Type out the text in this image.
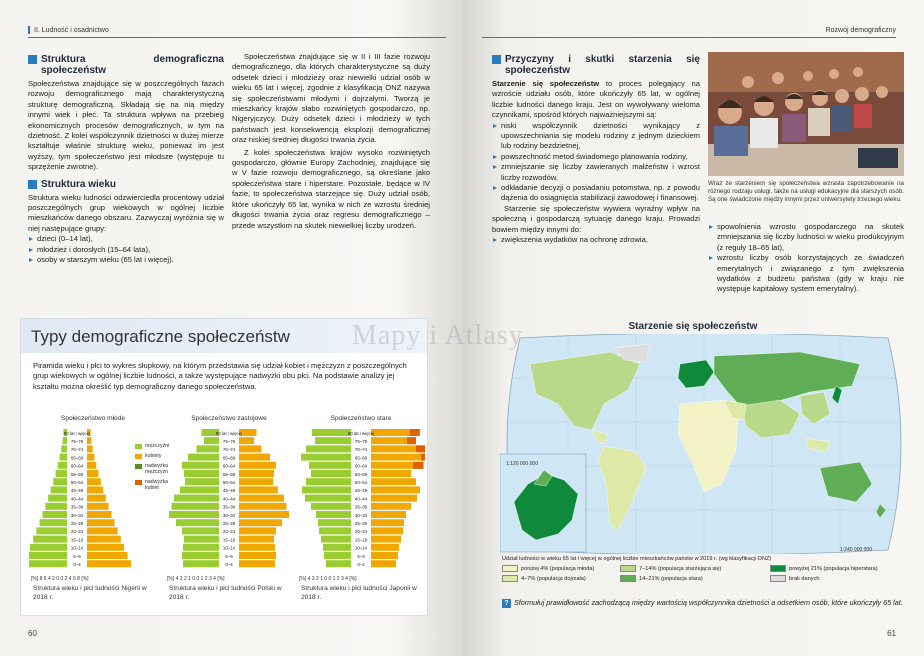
II. Ludność i osadnictwo
Struktura demograficzna społeczeństw

Społeczeństwa znajdujące się w poszczególnych fazach rozwoju demograficznego mają charakterystyczną strukturę demograficzną. Składają się na nią między innymi wiek i płeć. Ta struktura wpływa na przebieg ekonomicznych procesów demograficznych, w tym na dzietność. Z kolei współczynnik dzietności w dużej mierze kształtuje właśnie strukturę wieku, ponieważ im jest wyższy, tym społeczeństwo jest młodsze (występuje tu sprzężenie zwrotne).

Struktura wieku

Struktura wieku ludności odzwierciedla procentowy udział poszczególnych grup wiekowych w ogólnej liczbie mieszkańców danego obszaru. Zazwyczaj wyróżnia się w niej następujące grupy:

dzieci (0–14 lat),
młodzież i dorosłych (15–64 lata),
osoby w starszym wieku (65 lat i więcej).

Społeczeństwa znajdujące się w II i III fazie rozwoju demograficznego, dla których charakterystyczne są duży odsetek dzieci i młodzieży oraz niewielki udział osób w wieku 65 lat i więcej, zgodnie z klasyfikacją ONZ nazywa się społeczeństwami młodymi i dojrzałymi. Tworzą je mieszkańcy krajów słabo rozwiniętych gospodarczo, np. Nigeryjczycy. Duży odsetek dzieci i młodzieży w tych państwach jest konsekwencją eksplozji demograficznej oraz niskiej średniej długości trwania życia.

Z kolei społeczeństwa krajów wysoko rozwiniętych gospodarczo, głównie Europy Zachodniej, znajdujące się w V fazie rozwoju demograficznego, są określane jako społeczeństwa stare i hiperstare. Pozostałe, będące w IV fazie, to społeczeństwa starzejące się. Duży udział osób, które ukończyły 65 lat, wynika w nich ze wzrostu średniej długości trwania życia oraz regresu demograficznego – przede wszystkim na skutek niewielkiej liczby urodzeń.

Typy demograficzne społeczeństw
Piramida wieku i płci to wykres słupkowy, na którym przedstawia się udział kobiet i mężczyzn z poszczególnych grup wiekowych w ogólnej liczbie ludności, a także występujące nadwyżki obu płci. Na podstawie analizy jej kształtu można określić typ demograficzny danego społeczeństwa.
Społeczeństwo młode
80 lat i więcej
75–79
70–74
65–69
60–64
55–59
50–54
45–49
40–44
35–39
30–34
25–29
20–24
15–19
10–14
5–9
0–4
[%] 8 6 4 2 0 0 2 4 6 8 [%]
mężczyźni
kobiety
nadwyżka mężczyzn
nadwyżka kobiet
Struktura wieku i płci ludności Nigerii w 2018 r.
Społeczeństwo zastojowe
80 lat i więcej
75–79
70–74
65–69
60–64
55–59
50–54
45–49
40–44
35–39
30–34
25–29
20–24
15–19
10–14
5–9
0–4
[%] 4 3 2 1 0 0 1 2 3 4 [%]
Struktura wieku i płci ludności Polski w 2018 r.
Społeczeństwo stare
80 lat i więcej
75–79
70–74
65–69
60–64
55–59
50–54
45–49
40–44
35–39
30–34
25–29
20–24
15–19
10–14
5–9
0–4
[%] 4 3 2 1 0 0 1 2 3 4 [%]
Struktura wieku i płci ludności Japonii w 2018 r.
60
Rozwój demograficzny
Przyczyny i skutki starzenia się społeczeństw

Starzenie się społeczeństw to proces polegający na wzroście udziału osób, które ukończyły 65 lat, w ogólnej liczbie ludności danego kraju. Jest on wywoływany wieloma czynnikami, spośród których najważniejszymi są:

niski współczynnik dzietności wynikający z upowszechniania się modelu rodziny z jednym dzieckiem lub rodziny bezdzietnej,
powszechność metod świadomego planowania rodziny,
zmniejszanie się liczby zawieranych małżeństw i wzrost liczby rozwodów,
odkładanie decyzji o posiadaniu potomstwa, np. z powodu dążenia do osiągnięcia stabilizacji zawodowej i finansowej.

Starzenie się społeczeństw wywiera wyraźny wpływ na społeczną i gospodarczą sytuację danego kraju. Prowadzi bowiem między innymi do:

zwiększenia wydatków na ochronę zdrowia,
Wraz ze starzeniem się społeczeństwa wzrasta zapotrzebowanie na różnego rodzaju usługi, także na usługi edukacyjne dla starszych osób. Są one świadczone między innymi przez uniwersytety trzeciego wieku.
spowolnienia wzrostu gospodarczego na skutek zmniejszania się liczby ludności w wieku produkcyjnym (z reguły 18–65 lat),
wzrostu liczby osób korzystających ze świadczeń emerytalnych i związanego z tym zwiększenia wydatków z budżetu państwa (gdy w kraju nie występuje kapitałowy system emerytalny).
Starzenie się społeczeństw
1:120 000 000
1:240 000 000
Udział ludności w wieku 65 lat i więcej w ogólnej liczbie mieszkańców państw w 2019 r. (wg klasyfikacji ONZ)
poniżej 4% (populacja młoda)	7–14% (populacja starzejąca się)	powyżej 21% (populacja hiperstara)
4–7% (populacja dojrzała)	14–21% (populacja stara)	brak danych
? Sformułuj prawidłowość zachodzącą między wartością współczynnika dzietności a odsetkiem osób, które ukończyły 65 lat.
61
Mapy i Atlasy
